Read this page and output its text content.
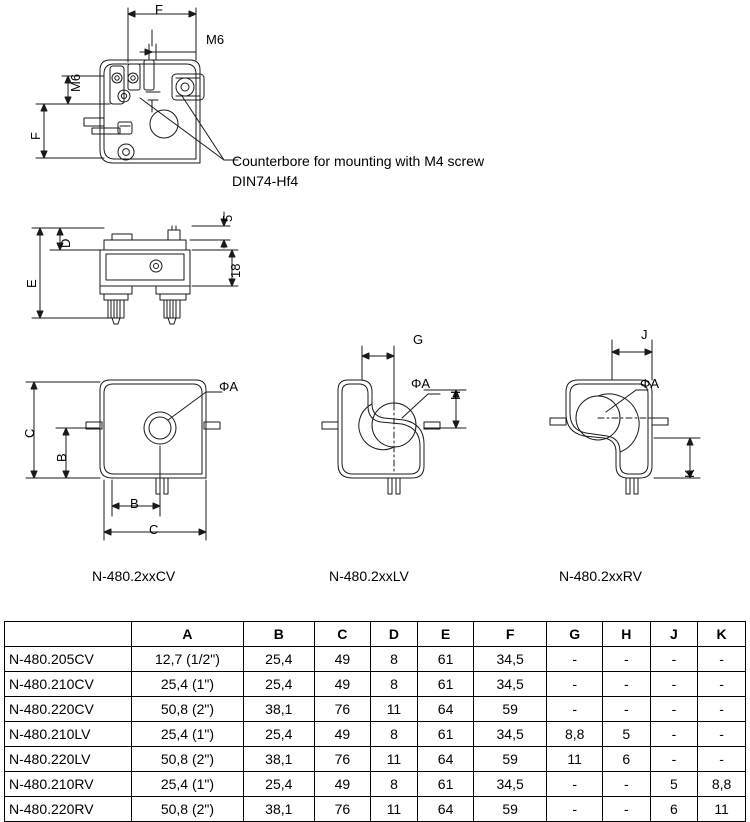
F
M6
M6
F
Counterbore for mounting with M4 screw
DIN74-Hf4
D
E
5
18
C
B
B
C
ΦA	ΦA	ΦA
G
H
J
K
N-480.2xxCV	N-480.2xxLV	N-480.2xxRV
	A	B	C	D	E	F	G	H	J	K
N-480.205CV	12,7 (1/2")	25,4	49	8	61	34,5	-	-	-	-
N-480.210CV	25,4 (1")	25,4	49	8	61	34,5	-	-	-	-
N-480.220CV	50,8 (2")	38,1	76	11	64	59	-	-	-	-
N-480.210LV	25,4 (1")	25,4	49	8	61	34,5	8,8	5	-	-
N-480.220LV	50,8 (2")	38,1	76	11	64	59	11	6	-	-
N-480.210RV	25,4 (1")	25,4	49	8	61	34,5	-	-	5	8,8
N-480.220RV	50,8 (2")	38,1	76	11	64	59	-	-	6	11
